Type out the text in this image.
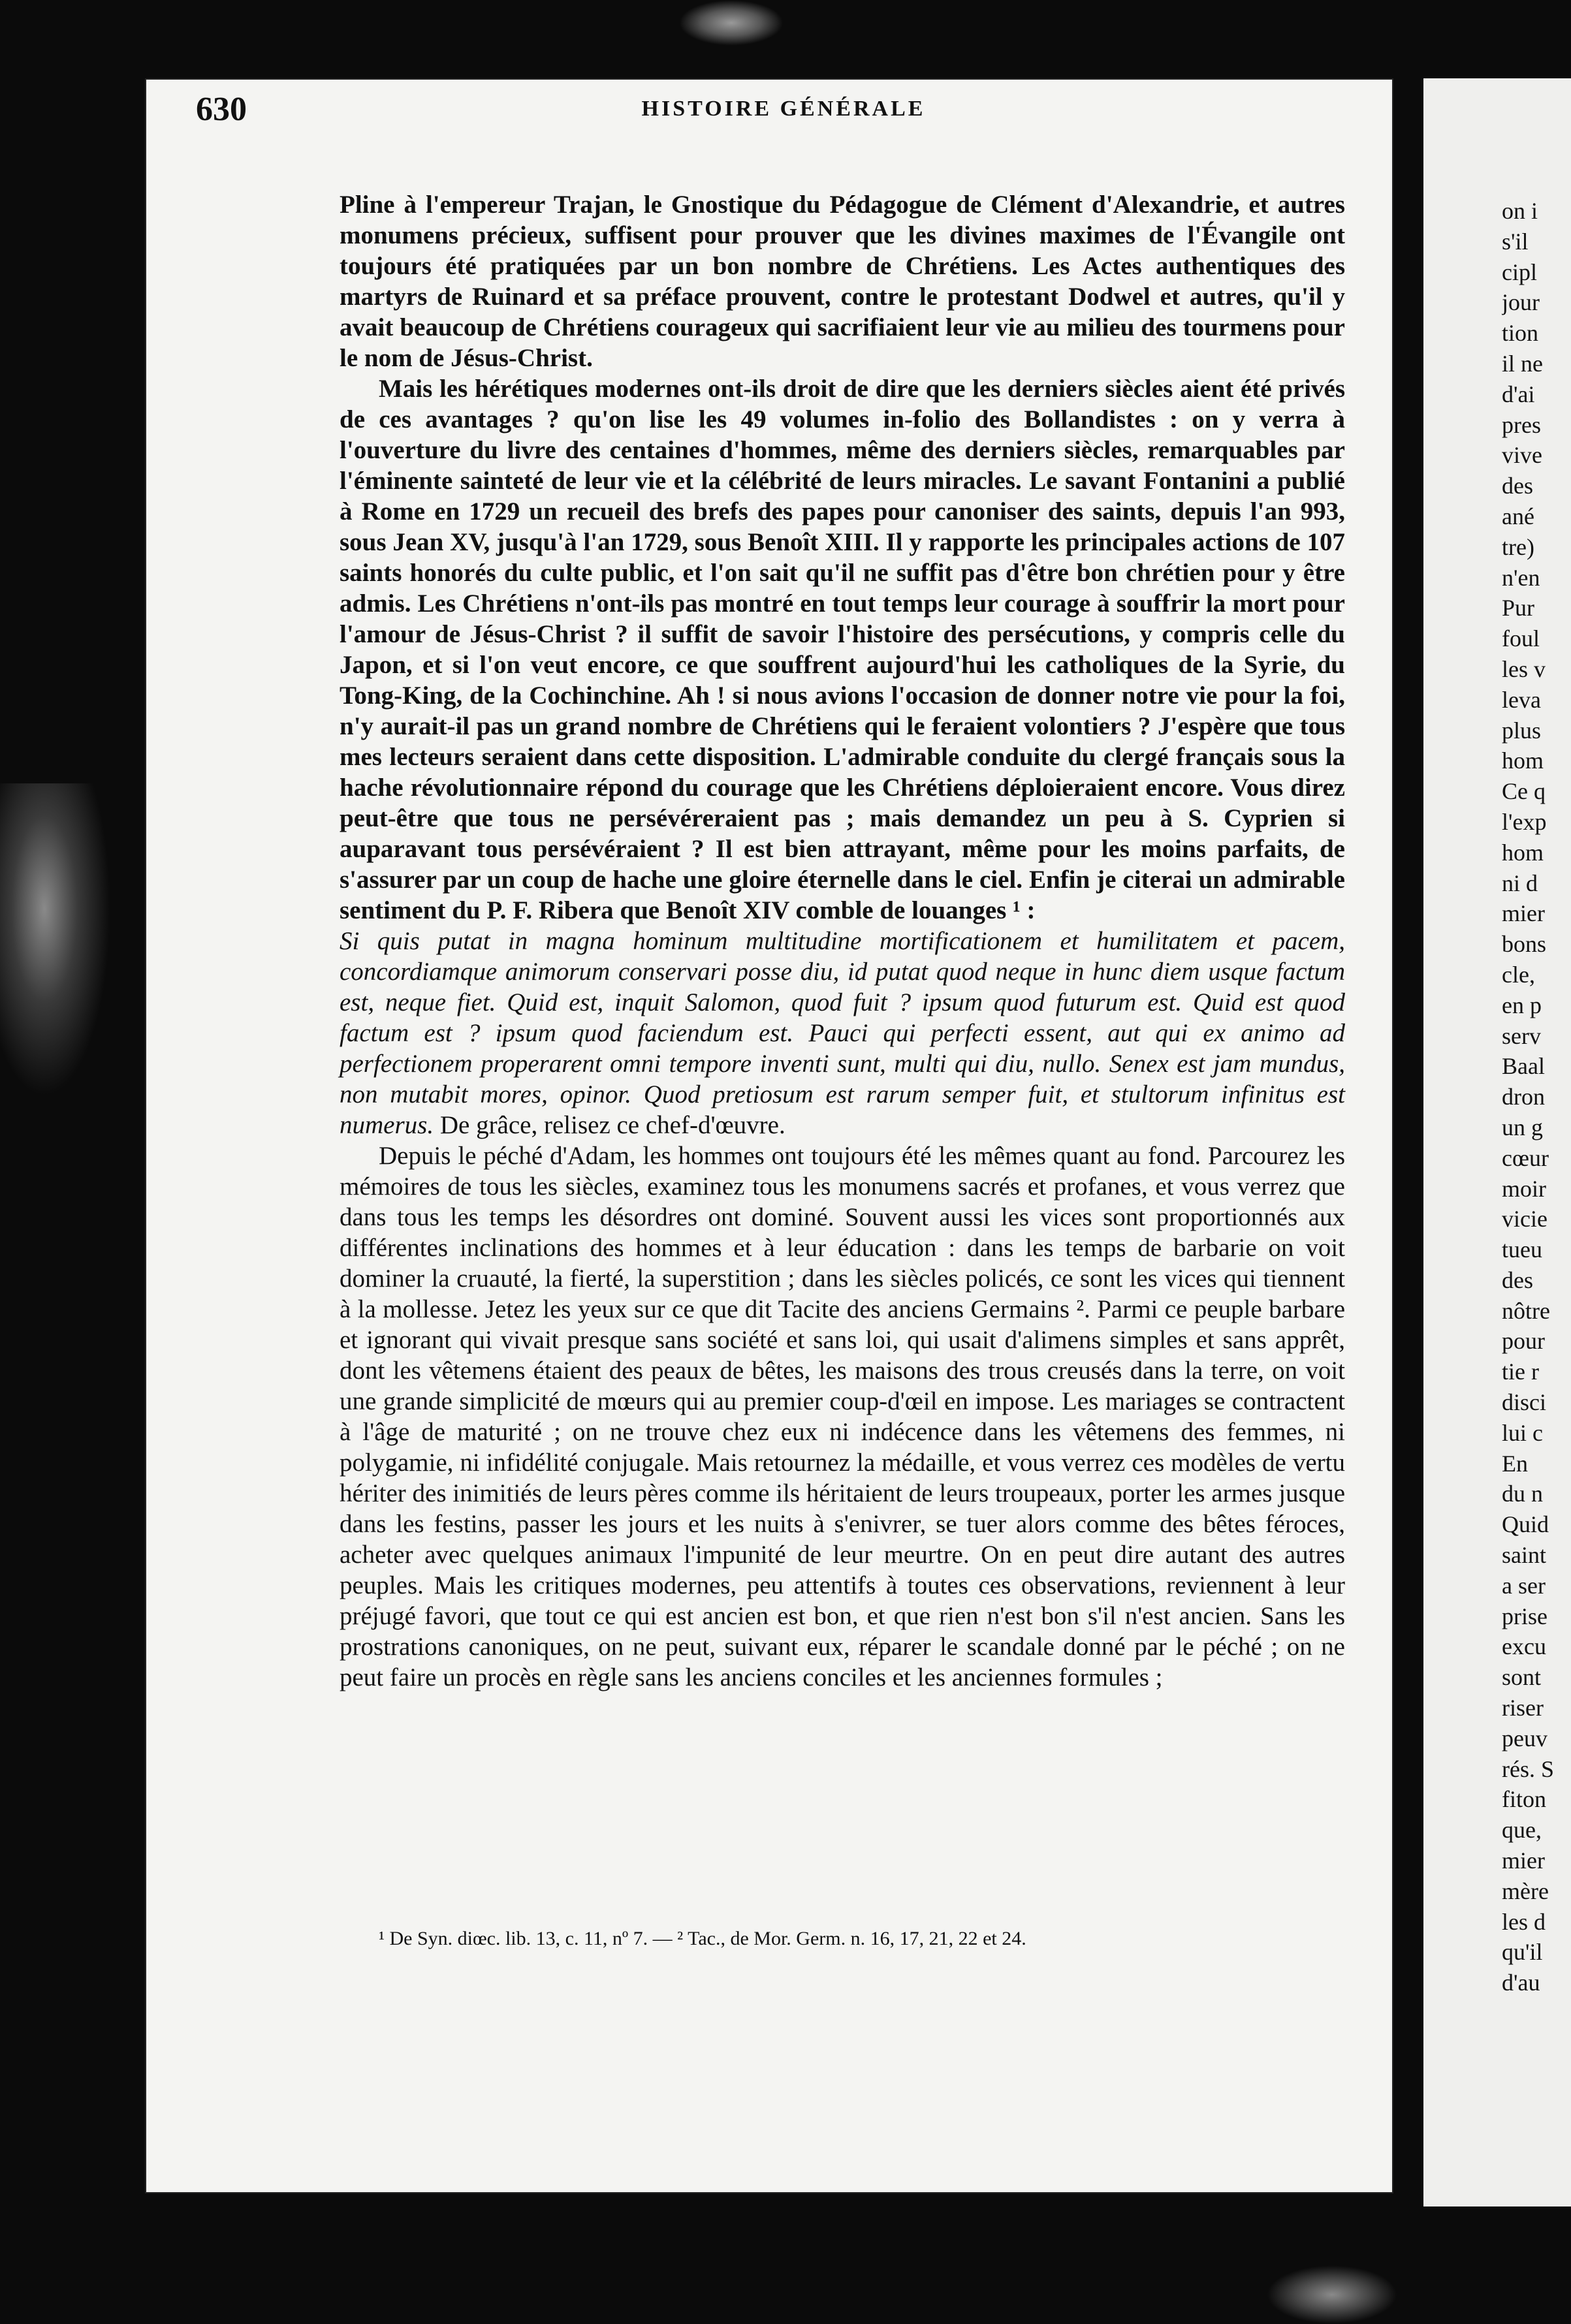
630	HISTOIRE GÉNÉRALE

Pline à l'empereur Trajan, le Gnostique du Pédagogue de Clément d'Alexandrie, et autres monumens précieux, suffisent pour prouver que les divines maximes de l'Évangile ont toujours été pratiquées par un bon nombre de Chrétiens. Les Actes authentiques des martyrs de Ruinard et sa préface prouvent, contre le protestant Dodwel et autres, qu'il y avait beaucoup de Chrétiens courageux qui sacrifiaient leur vie au milieu des tourmens pour le nom de Jésus-Christ.

Mais les hérétiques modernes ont-ils droit de dire que les derniers siècles aient été privés de ces avantages ? qu'on lise les 49 volumes in-folio des Bollandistes : on y verra à l'ouverture du livre des centaines d'hommes, même des derniers siècles, remarquables par l'éminente sainteté de leur vie et la célébrité de leurs miracles. Le savant Fontanini a publié à Rome en 1729 un recueil des brefs des papes pour canoniser des saints, depuis l'an 993, sous Jean XV, jusqu'à l'an 1729, sous Benoît XIII. Il y rapporte les principales actions de 107 saints honorés du culte public, et l'on sait qu'il ne suffit pas d'être bon chrétien pour y être admis. Les Chrétiens n'ont-ils pas montré en tout temps leur courage à souffrir la mort pour l'amour de Jésus-Christ ? il suffit de savoir l'histoire des persécutions, y compris celle du Japon, et si l'on veut encore, ce que souffrent aujourd'hui les catholiques de la Syrie, du Tong-King, de la Cochinchine. Ah ! si nous avions l'occasion de donner notre vie pour la foi, n'y aurait-il pas un grand nombre de Chrétiens qui le feraient volontiers ? J'espère que tous mes lecteurs seraient dans cette disposition. L'admirable conduite du clergé français sous la hache révolutionnaire répond du courage que les Chrétiens déploieraient encore. Vous direz peut-être que tous ne persévéreraient pas ; mais demandez un peu à S. Cyprien si auparavant tous persévéraient ? Il est bien attrayant, même pour les moins parfaits, de s'assurer par un coup de hache une gloire éternelle dans le ciel. Enfin je citerai un admirable sentiment du P. F. Ribera que Benoît XIV comble de louanges ¹ :

Si quis putat in magna hominum multitudine mortificationem et humilitatem et pacem, concordiamque animorum conservari posse diu, id putat quod neque in hunc diem usque factum est, neque fiet. Quid est, inquit Salomon, quod fuit ? ipsum quod futurum est. Quid est quod factum est ? ipsum quod faciendum est. Pauci qui perfecti essent, aut qui ex animo ad perfectionem properarent omni tempore inventi sunt, multi qui diu, nullo. Senex est jam mundus, non mutabit mores, opinor. Quod pretiosum est rarum semper fuit, et stultorum infinitus est numerus. De grâce, relisez ce chef-d'œuvre.

Depuis le péché d'Adam, les hommes ont toujours été les mêmes quant au fond. Parcourez les mémoires de tous les siècles, examinez tous les monumens sacrés et profanes, et vous verrez que dans tous les temps les désordres ont dominé. Souvent aussi les vices sont proportionnés aux différentes inclinations des hommes et à leur éducation : dans les temps de barbarie on voit dominer la cruauté, la fierté, la superstition ; dans les siècles policés, ce sont les vices qui tiennent à la mollesse. Jetez les yeux sur ce que dit Tacite des anciens Germains ². Parmi ce peuple barbare et ignorant qui vivait presque sans société et sans loi, qui usait d'alimens simples et sans apprêt, dont les vêtemens étaient des peaux de bêtes, les maisons des trous creusés dans la terre, on voit une grande simplicité de mœurs qui au premier coup-d'œil en impose. Les mariages se contractent à l'âge de maturité ; on ne trouve chez eux ni indécence dans les vêtemens des femmes, ni polygamie, ni infidélité conjugale. Mais retournez la médaille, et vous verrez ces modèles de vertu hériter des inimitiés de leurs pères comme ils héritaient de leurs troupeaux, porter les armes jusque dans les festins, passer les jours et les nuits à s'enivrer, se tuer alors comme des bêtes féroces, acheter avec quelques animaux l'impunité de leur meurtre. On en peut dire autant des autres peuples. Mais les critiques modernes, peu attentifs à toutes ces observations, reviennent à leur préjugé favori, que tout ce qui est ancien est bon, et que rien n'est bon s'il n'est ancien. Sans les prostrations canoniques, on ne peut, suivant eux, réparer le scandale donné par le péché ; on ne peut faire un procès en règle sans les anciens conciles et les anciennes formules ;

¹ De Syn. diœc. lib. 13, c. 11, nº 7. — ² Tac., de Mor. Germ. n. 16, 17, 21, 22 et 24.
on i
s'il
cipl
jour
tion
il ne
d'ai
pres
vive
des
ané
tre)
n'en
Pur
foul
les v
leva
plus
hom
Ce q
l'exp
hom
ni d
mier
bons
cle,
en p
serv
Baal
dron
un g
cœur
moir
vicie
tueu
des
nôtre
pour
tie r
disci
lui c
En
du n
Quid
saint
a ser
prise
excu
sont
riser
peuv
rés. S
fiton
que,
mier
mère
les d
qu'il
d'au
